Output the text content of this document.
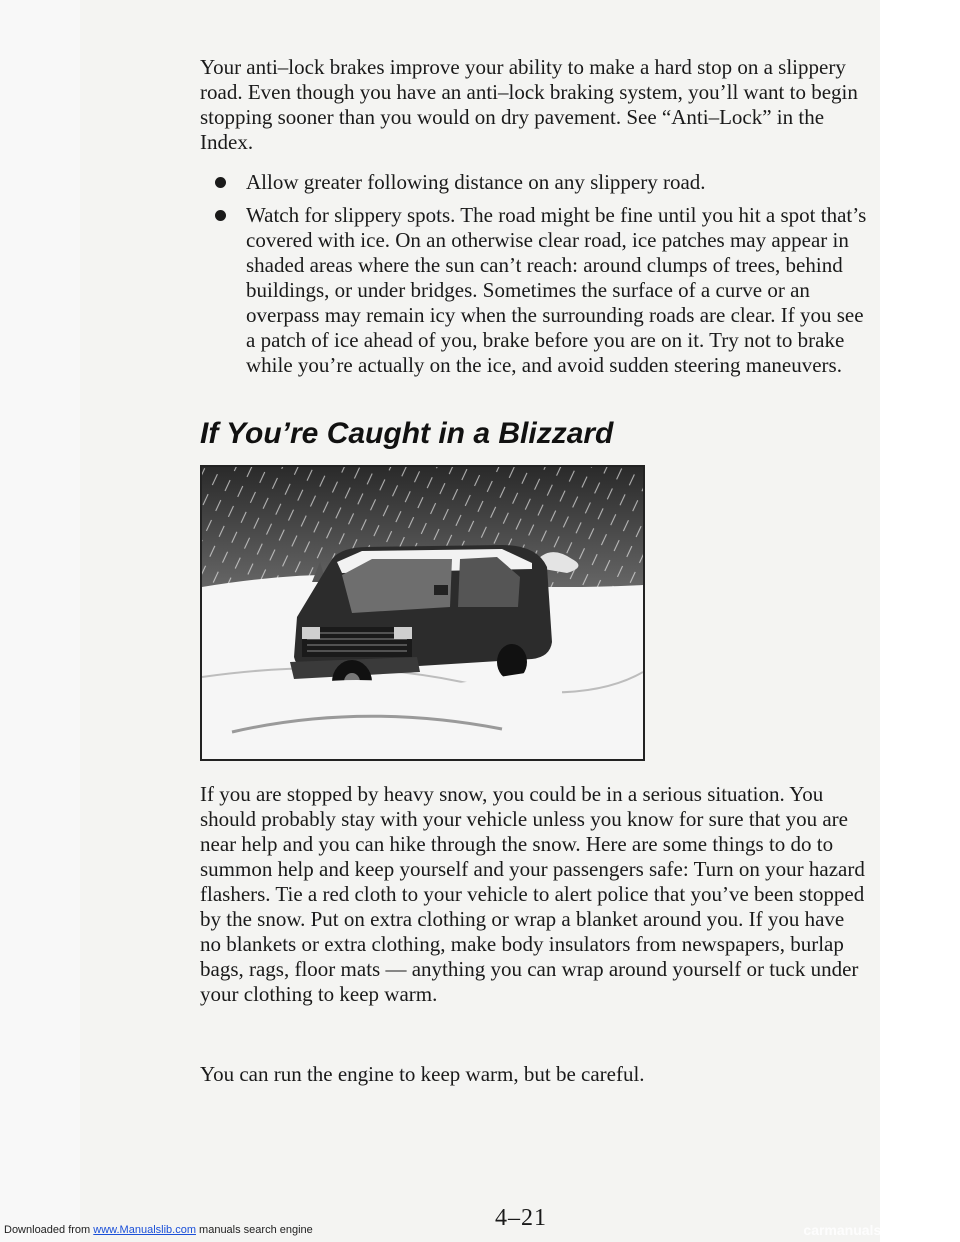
Your anti–lock brakes improve your ability to make a hard stop on a slippery road. Even though you have an anti–lock braking system, you’ll want to begin stopping sooner than you would on dry pavement. See “Anti–Lock” in the Index.

Allow greater following distance on any slippery road.
Watch for slippery spots. The road might be fine until you hit a spot that’s covered with ice. On an otherwise clear road, ice patches may appear in shaded areas where the sun can’t reach: around clumps of trees, behind buildings, or under bridges. Sometimes the surface of a curve or an overpass may remain icy when the surrounding roads are clear. If you see a patch of ice ahead of you, brake before you are on it. Try not to brake while you’re actually on the ice, and avoid sudden steering maneuvers.
If You’re Caught in a Blizzard

If you are stopped by heavy snow, you could be in a serious situation. You should probably stay with your vehicle unless you know for sure that you are near help and you can hike through the snow. Here are some things to do to summon help and keep yourself and your passengers safe: Turn on your hazard flashers. Tie a red cloth to your vehicle to alert police that you’ve been stopped by the snow. Put on extra clothing or wrap a blanket around you. If you have no blankets or extra clothing, make body insulators from newspapers, burlap bags, rags, floor mats — anything you can wrap around yourself or tuck under your clothing to keep warm.

You can run the engine to keep warm, but be careful.

4–21
Downloaded from www.Manualslib.com manuals search engine	carmanualsonline.info
